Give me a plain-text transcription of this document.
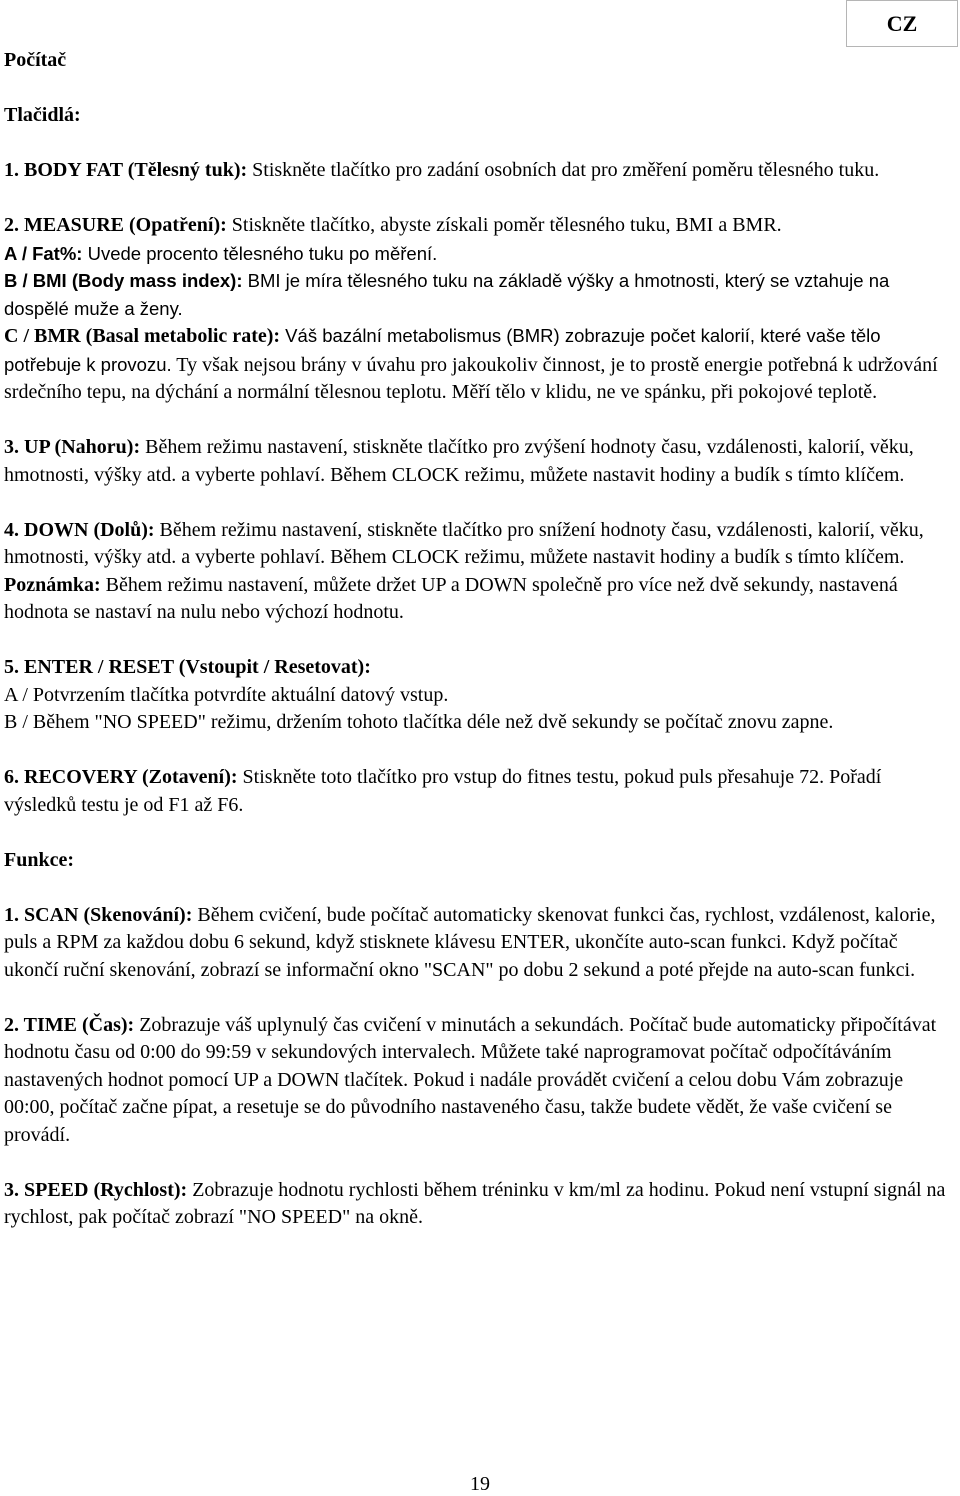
CZ

Počítač

Tlačidlá:

1. BODY FAT (Tělesný tuk): Stiskněte tlačítko pro zadání osobních dat pro změření poměru tělesného tuku.

2. MEASURE (Opatření): Stiskněte tlačítko, abyste získali poměr tělesného tuku, BMI a BMR.

A / Fat%: Uvede procento tělesného tuku po měření.

B / BMI (Body mass index): BMI je míra tělesného tuku na základě výšky a hmotnosti, který se vztahuje na dospělé muže a ženy.

C / BMR (Basal metabolic rate): Váš bazální metabolismus (BMR) zobrazuje počet kalorií, které vaše tělo potřebuje k provozu. Ty však nejsou brány v úvahu pro jakoukoliv činnost, je to prostě energie potřebná k udržování srdečního tepu, na dýchání a normální tělesnou teplotu. Měří tělo v klidu, ne ve spánku, při pokojové teplotě.

3. UP (Nahoru): Během režimu nastavení, stiskněte tlačítko pro zvýšení hodnoty času, vzdálenosti, kalorií, věku, hmotnosti, výšky atd. a vyberte pohlaví. Během CLOCK režimu, můžete nastavit hodiny a budík s tímto klíčem.

4. DOWN (Dolů): Během režimu nastavení, stiskněte tlačítko pro snížení hodnoty času, vzdálenosti, kalorií, věku, hmotnosti, výšky atd. a vyberte pohlaví. Během CLOCK režimu, můžete nastavit hodiny a budík s tímto klíčem.

Poznámka: Během režimu nastavení, můžete držet UP a DOWN společně pro více než dvě sekundy, nastavená hodnota se nastaví na nulu nebo výchozí hodnotu.

5. ENTER / RESET (Vstoupit / Resetovat):

A / Potvrzením tlačítka potvrdíte aktuální datový vstup.

B / Během "NO SPEED" režimu, držením tohoto tlačítka déle než dvě sekundy se počítač znovu zapne.

6. RECOVERY (Zotavení): Stiskněte toto tlačítko pro vstup do fitnes testu, pokud puls přesahuje 72. Pořadí výsledků testu je od F1 až F6.

Funkce:

1. SCAN (Skenování): Během cvičení, bude počítač automaticky skenovat funkci čas, rychlost, vzdálenost, kalorie, puls a RPM za každou dobu 6 sekund, když stisknete klávesu ENTER, ukončíte auto-scan funkci. Když počítač ukončí ruční skenování, zobrazí se informační okno "SCAN" po dobu 2 sekund a poté přejde na auto-scan funkci.

2. TIME (Čas): Zobrazuje váš uplynulý čas cvičení v minutách a sekundách. Počítač bude automaticky připočítávat hodnotu času od 0:00 do 99:59 v sekundových intervalech. Můžete také naprogramovat počítač odpočítáváním nastavených hodnot pomocí UP a DOWN tlačítek. Pokud i nadále provádět cvičení a celou dobu Vám zobrazuje 00:00, počítač začne pípat, a resetuje se do původního nastaveného času, takže budete vědět, že vaše cvičení se provádí.

3. SPEED (Rychlost): Zobrazuje hodnotu rychlosti během tréninku v km/ml za hodinu. Pokud není vstupní signál na rychlost, pak počítač zobrazí "NO SPEED" na okně.

19
